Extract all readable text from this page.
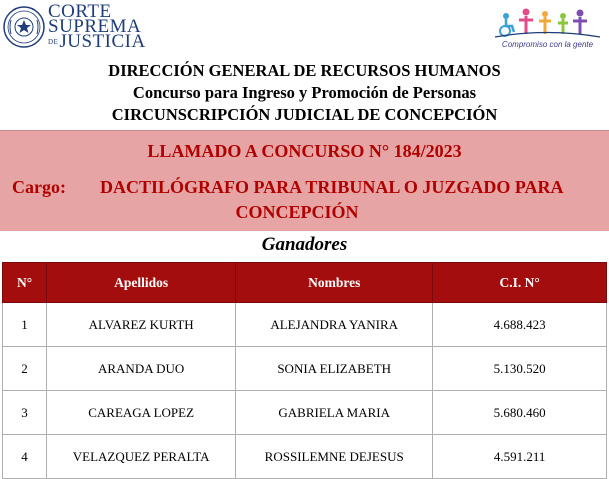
CORTE
SUPREMA
DEJUSTICIA	Compromiso con la gente
DIRECCIÓN GENERAL DE RECURSOS HUMANOS
Concurso para Ingreso y Promoción de Personas
CIRCUNSCRIPCIÓN JUDICIAL DE CONCEPCIÓN
LLAMADO A CONCURSO N° 184/2023
Cargo: DACTILÓGRAFO PARA TRIBUNAL O JUZGADO PARA
CONCEPCIÓN
Ganadores
N°	Apellidos	Nombres	C.I. N°
1	ALVAREZ KURTH	ALEJANDRA YANIRA	4.688.423
2	ARANDA DUO	SONIA ELIZABETH	5.130.520
3	CAREAGA LOPEZ	GABRIELA MARIA	5.680.460
4	VELAZQUEZ PERALTA	ROSSILEMNE DEJESUS	4.591.211
